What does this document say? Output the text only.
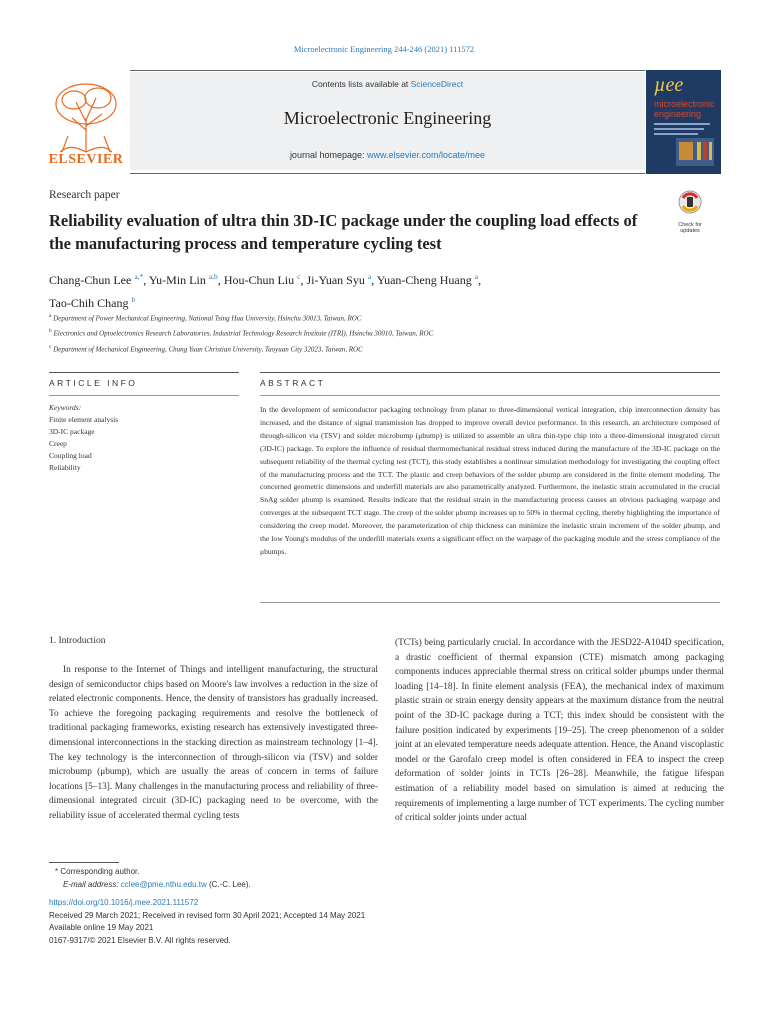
Microelectronic Engineering 244-246 (2021) 111572
ELSEVIER
Contents lists available at ScienceDirect
Microelectronic Engineering
journal homepage: www.elsevier.com/locate/mee
µee
microelectronic
engineering
Research paper
Reliability evaluation of ultra thin 3D-IC package under the coupling load effects of the manufacturing process and temperature cycling test
Check for
updates
Chang-Chun Lee $^{a,*}$, Yu-Min Lin $^{a,b}$, Hou-Chun Liu $^c$, Ji-Yuan Syu $^a$, Yuan-Cheng Huang $^a$,
Tao-Chih Chang $^b$
$^a$ Department of Power Mechanical Engineering, National Tsing Hua University, Hsinchu 30013, Taiwan, ROC
$^b$ Electronics and Optoelectronics Research Laboratories, Industrial Technology Research Institute (ITRI), Hsinchu 30010, Taiwan, ROC
$^c$ Department of Mechanical Engineering, Chung Yuan Christian University, Taoyuan City 32023, Taiwan, ROC
ARTICLE INFO	ABSTRACT
Keywords:
Finite element analysis
3D-IC package
Creep
Coupling load
Reliability
In the development of semiconductor packaging technology from planar to three-dimensional vertical integration, chip interconnection density has increased, and the distance of signal transmission has dropped to improve overall device performance. In this research, an architecture composed of through-silicon via (TSV) and solder microbump (μbump) is utilized to assemble an ultra thin-type chip into a three-dimensional integrated circuit (3D-IC) package. To explore the influence of residual thermomechanical residual stress induced during the manufacture of the 3D-IC package on the subsequent reliability of the thermal cycling test (TCT), this study establishes a nonlinear simulation methodology for investigating the coupling effect of the manufacturing process and the TCT. The plastic and creep behaviors of the solder μbump are considered in the finite element modeling. The concerned geometric dimensions and underfill materials are also parametrically analyzed. Furthermore, the inelastic strain accumulated in the crucial SnAg solder μbump is examined. Results indicate that the residual strain in the manufacturing process causes an obvious packaging warpage and converges at the subsequent TCT stage. The creep of the solder μbump increases up to 50% in thermal cycling, thereby highlighting the importance of considering the creep model. Moreover, the parameterization of chip thickness can minimize the inelastic strain increment of the solder μbump, and the low Young's modulus of the underfill materials exerts a significant effect on the warpage of the packaging module and the stress compliance of the μbumps.
1. Introduction

In response to the Internet of Things and intelligent manufacturing, the structural design of semiconductor chips based on Moore's law involves a reduction in the size of related electronic components. Hence, the density of transistors has gradually increased. To achieve the foregoing packaging requirements and resolve the bottleneck of traditional packaging frameworks, existing research has extensively investigated three-dimensional interconnections in the stacking direction as mainstream technology [1–4]. The key technology is the interconnection of through-silicon via (TSV) and solder microbump (μbump), which are usually the areas of concern in terms of failure locations [5–13]. Many challenges in the manufacturing process and reliability of three-dimensional integrated circuit (3D-IC) packaging need to be overcome, with the reliability issue of accelerated thermal cycling tests

(TCTs) being particularly crucial. In accordance with the JESD22-A104D specification, a drastic coefficient of thermal expansion (CTE) mismatch among packaging components induces appreciable thermal stress on critical solder μbumps under thermal loading [14–18]. In finite element analysis (FEA), the mechanical index of maximum plastic strain or strain energy density appears at the maximum distance from the neutral point of the 3D-IC package during a TCT; this index should be consistent with the failure position indicated by experiments [19–25]. The creep phenomenon of a solder joint at an elevated temperature needs adequate attention. Hence, the Anand viscoplastic model or the Garofalo creep model is often considered in FEA to inspect the creep deformation of solder joints in TCTs [26–28]. Meanwhile, the fatigue lifespan estimation of a reliability model based on simulation is aimed at reducing the requirements of implementing a large number of TCT experiments. The cycling number of critical solder joints under actual

* Corresponding author.
E-mail address: cclee@pme.nthu.edu.tw (C.-C. Lee).
https://doi.org/10.1016/j.mee.2021.111572
Received 29 March 2021; Received in revised form 30 April 2021; Accepted 14 May 2021
Available online 19 May 2021
0167-9317/© 2021 Elsevier B.V. All rights reserved.
